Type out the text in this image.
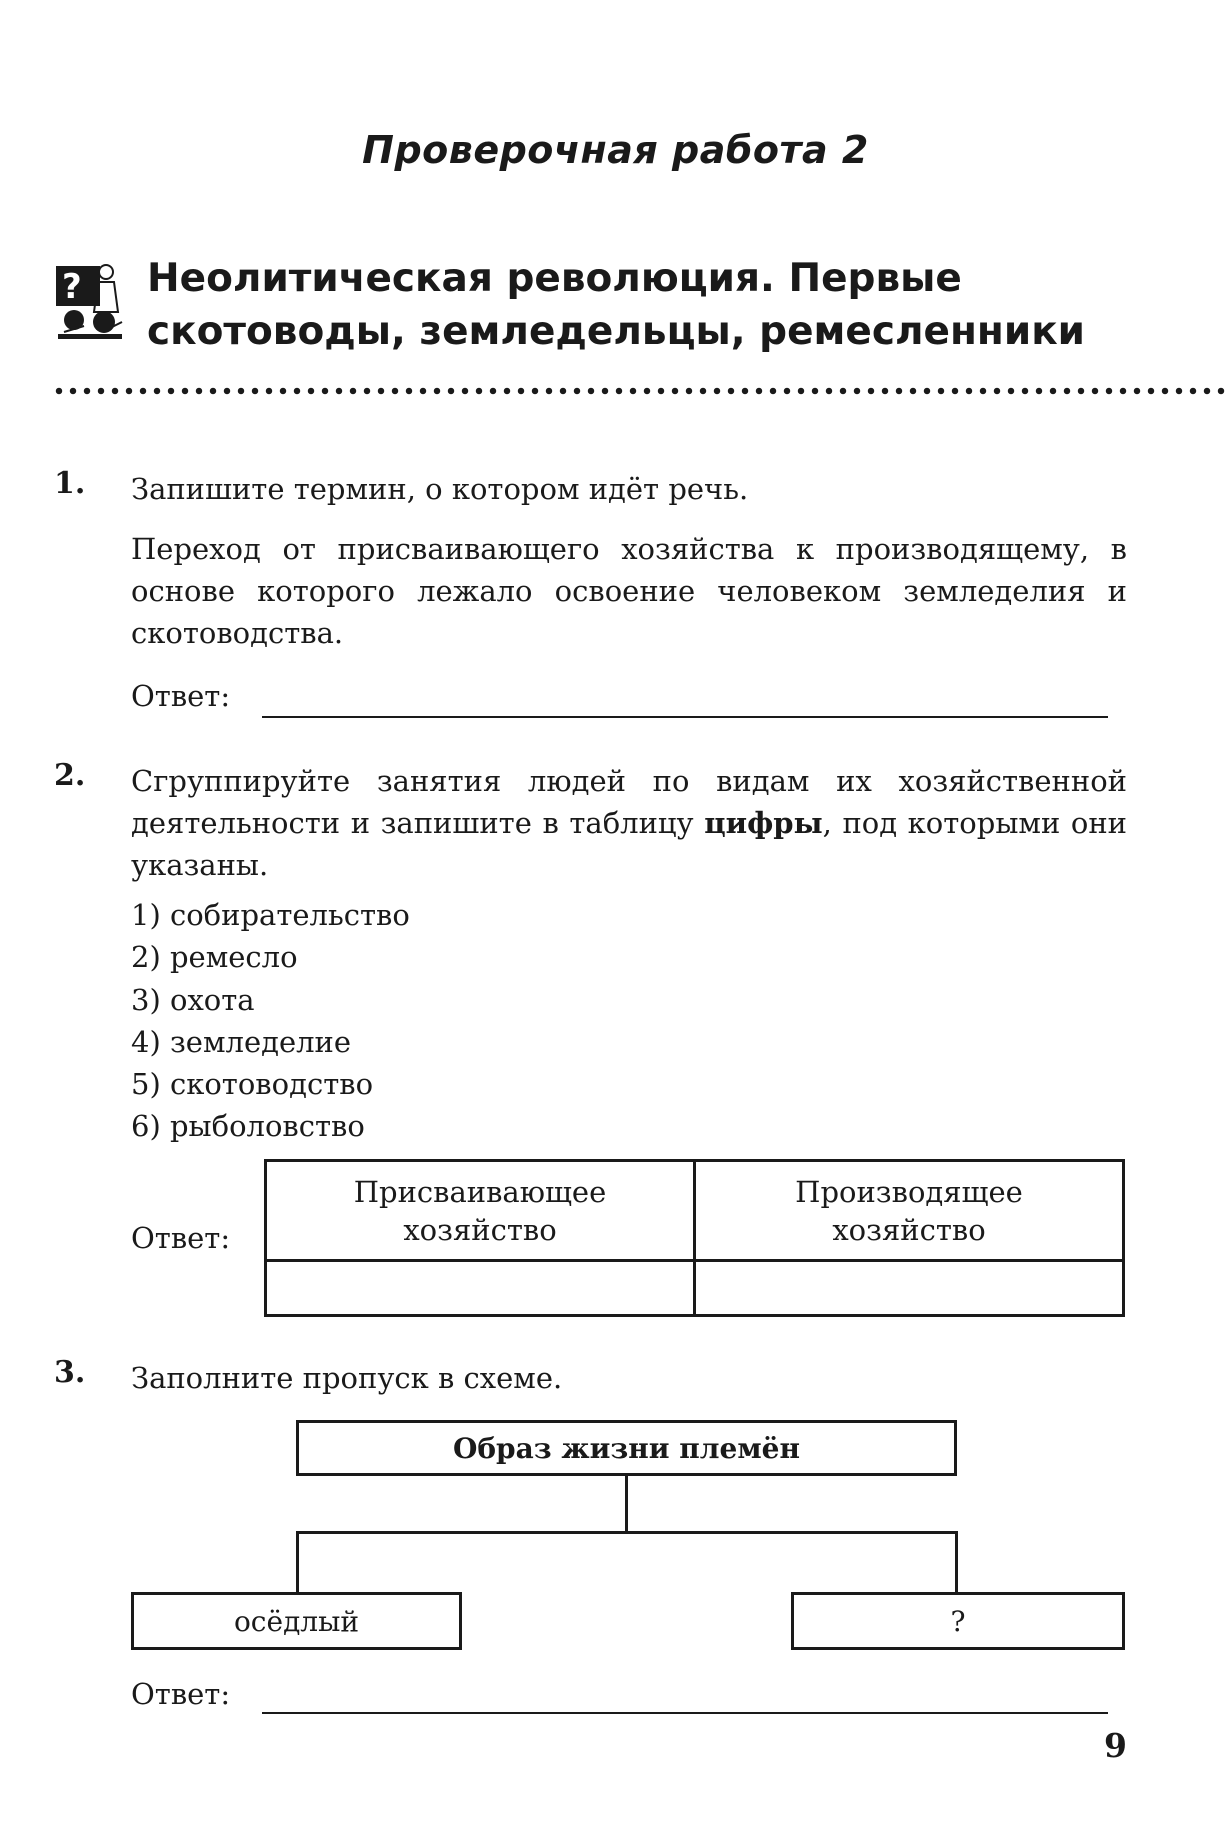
Проверочная работа 2
? Неолитическая революция. Первые
скотоводы, земледельцы, ремесленники
1. Запишите термин, о котором идёт речь.
Переход от присваивающего хозяйства к производящему, в основе которого лежало освоение человеком земледелия и скотоводства.
Ответ:
2. Сгруппируйте занятия людей по видам их хозяйственной деятельности и запишите в таблицу цифры, под которыми они указаны.
1) собирательство
2) ремесло
3) охота
4) земледелие
5) скотоводство
6) рыболовство
Ответ:
Присваивающее хозяйство	Производящее хозяйство

3. Заполните пропуск в схеме.
Образ жизни племён
осёдлый	?
Ответ:
9
